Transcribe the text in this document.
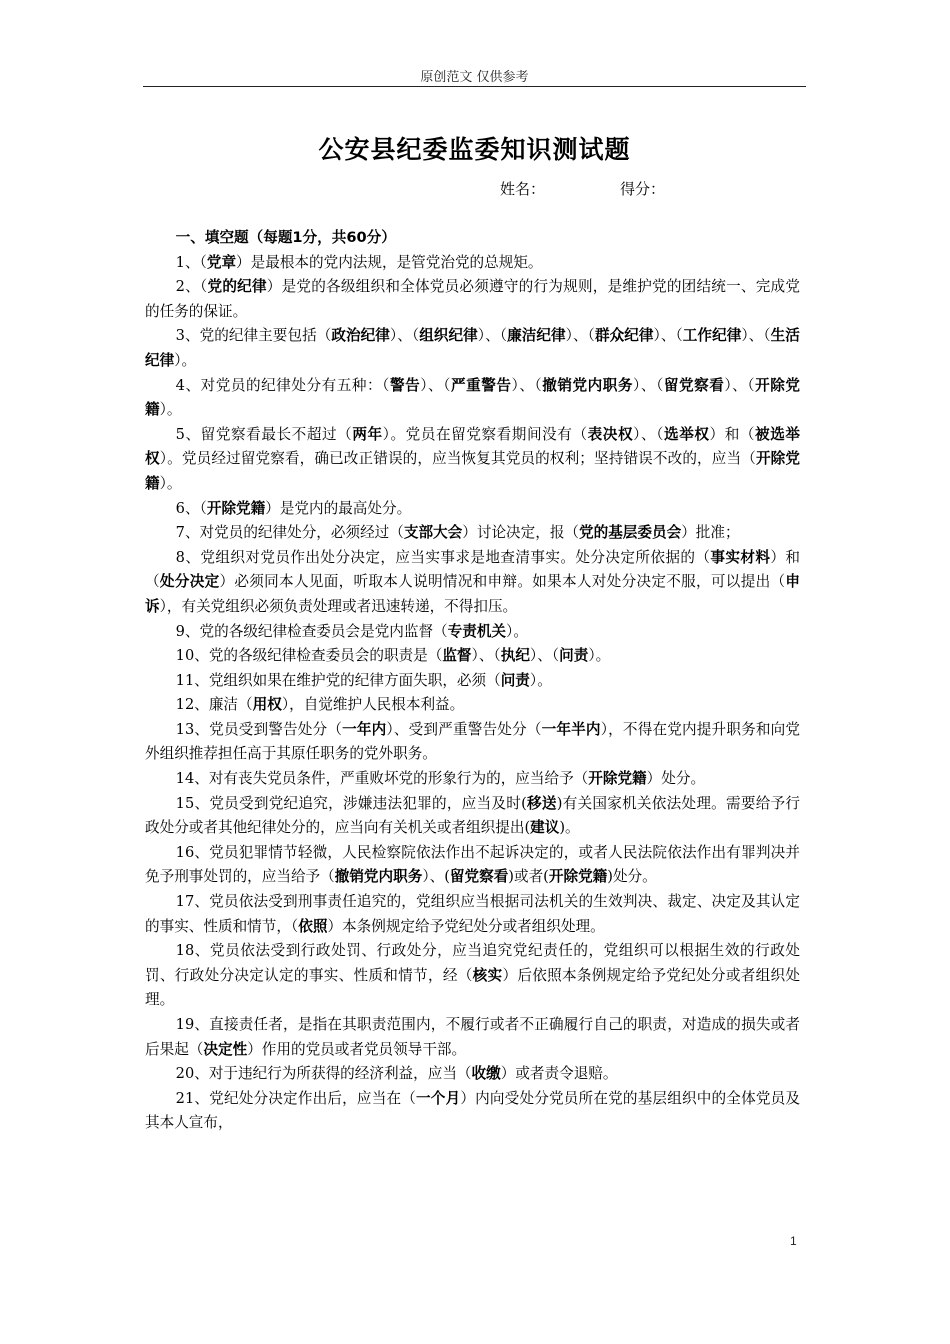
原创范文 仅供参考
公安县纪委监委知识测试题
姓名：	得分：

一、填空题（每题1分，共60分）

1、（党章）是最根本的党内法规，是管党治党的总规矩。

2、（党的纪律）是党的各级组织和全体党员必须遵守的行为规则，是维护党的团结统一、完成党的任务的保证。

3、党的纪律主要包括（政治纪律）、（组织纪律）、（廉洁纪律）、（群众纪律）、（工作纪律）、（生活纪律）。

4、对党员的纪律处分有五种：（警告）、（严重警告）、（撤销党内职务）、（留党察看）、（开除党籍）。

5、留党察看最长不超过（两年）。党员在留党察看期间没有（表决权）、（选举权）和（被选举权）。党员经过留党察看，确已改正错误的，应当恢复其党员的权利；坚持错误不改的，应当（开除党籍）。

6、（开除党籍）是党内的最高处分。

7、对党员的纪律处分，必须经过（支部大会）讨论决定，报（党的基层委员会）批准；

8、党组织对党员作出处分决定，应当实事求是地查清事实。处分决定所依据的（事实材料）和（处分决定）必须同本人见面，听取本人说明情况和申辩。如果本人对处分决定不服，可以提出（申诉），有关党组织必须负责处理或者迅速转递，不得扣压。

9、党的各级纪律检查委员会是党内监督（专责机关）。

10、党的各级纪律检查委员会的职责是（监督）、（执纪）、（问责）。

11、党组织如果在维护党的纪律方面失职，必须（问责）。

12、廉洁（用权），自觉维护人民根本利益。

13、党员受到警告处分（一年内）、受到严重警告处分（一年半内），不得在党内提升职务和向党外组织推荐担任高于其原任职务的党外职务。

14、对有丧失党员条件，严重败坏党的形象行为的，应当给予（开除党籍）处分。

15、党员受到党纪追究，涉嫌违法犯罪的，应当及时(移送)有关国家机关依法处理。需要给予行政处分或者其他纪律处分的，应当向有关机关或者组织提出(建议)。

16、党员犯罪情节轻微，人民检察院依法作出不起诉决定的，或者人民法院依法作出有罪判决并免予刑事处罚的，应当给予（撤销党内职务）、(留党察看)或者(开除党籍)处分。

17、党员依法受到刑事责任追究的，党组织应当根据司法机关的生效判决、裁定、决定及其认定的事实、性质和情节，（依照）本条例规定给予党纪处分或者组织处理。

18、党员依法受到行政处罚、行政处分，应当追究党纪责任的，党组织可以根据生效的行政处罚、行政处分决定认定的事实、性质和情节，经（核实）后依照本条例规定给予党纪处分或者组织处理。

19、直接责任者，是指在其职责范围内，不履行或者不正确履行自己的职责，对造成的损失或者后果起（决定性）作用的党员或者党员领导干部。

20、对于违纪行为所获得的经济利益，应当（收缴）或者责令退赔。

21、党纪处分决定作出后，应当在（一个月）内向受处分党员所在党的基层组织中的全体党员及其本人宣布，

1
